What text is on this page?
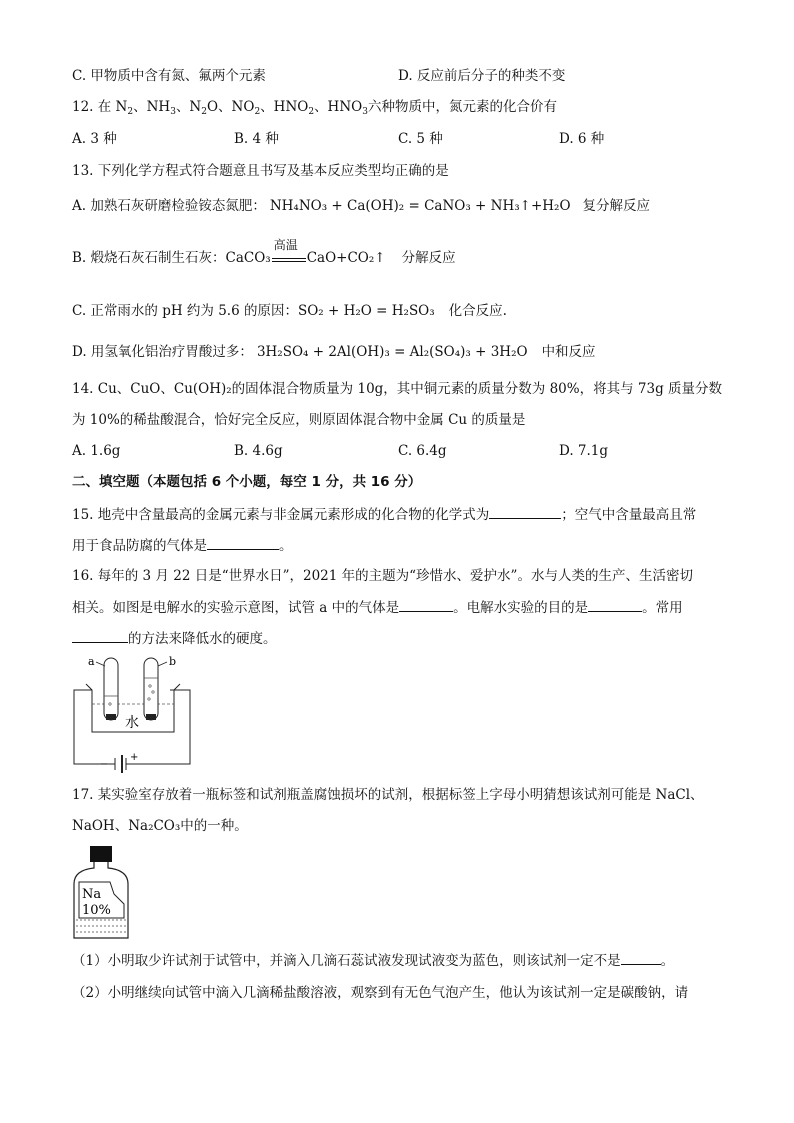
C. 甲物质中含有氮、氟两个元素	D. 反应前后分子的种类不变
12. 在 $N_2$、$NH_3$、$N_2O$、$NO_2$、$HNO_2$、$HNO_3$六种物质中，氮元素的化合价有
A. 3 种	B. 4 种	C. 5 种	D. 6 种
13. 下列化学方程式符合题意且书写及基本反应类型均正确的是
A. 加熟石灰研磨检验铵态氮肥： NH₄NO₃ + Ca(OH)₂ = CaNO₃ + NH₃↑+H₂O 复分解反应
B. 煅烧石灰石制生石灰：CaCO₃
高温
CaO+CO₂↑ 分解反应
C. 正常雨水的 pH 约为 5.6 的原因：SO₂ + H₂O = H₂SO₃ 化合反应.
D. 用氢氧化铝治疗胃酸过多： 3H₂SO₄ + 2Al(OH)₃ = Al₂(SO₄)₃ + 3H₂O 中和反应
14. Cu、CuO、Cu(OH)₂的固体混合物质量为 10g，其中铜元素的质量分数为 80%，将其与 73g 质量分数
为 10%的稀盐酸混合，恰好完全反应，则原固体混合物中金属 Cu 的质量是
A. 1.6g	B. 4.6g	C. 6.4g	D. 7.1g
二、填空题（本题包括 6 个小题，每空 1 分，共 16 分）
15. 地壳中含量最高的金属元素与非金属元素形成的化合物的化学式为	；空气中含量最高且常
用于食品防腐的气体是	。
16. 每年的 3 月 22 日是“世界水日”，2021 年的主题为“珍惜水、爱护水”。水与人类的生产、生活密切
相关。如图是电解水的实验示意图，试管 a 中的气体是	。电解水实验的目的是	。常用
的方法来降低水的硬度。
−
+
a	b
水
17. 某实验室存放着一瓶标签和试剂瓶盖腐蚀损坏的试剂，根据标签上字母小明猜想该试剂可能是 NaCl、
NaOH、Na₂CO₃中的一种。
Na
10%
（1）小明取少许试剂于试管中，并滴入几滴石蕊试液发现试液变为蓝色，则该试剂一定不是	。
（2）小明继续向试管中滴入几滴稀盐酸溶液，观察到有无色气泡产生，他认为该试剂一定是碳酸钠，请
